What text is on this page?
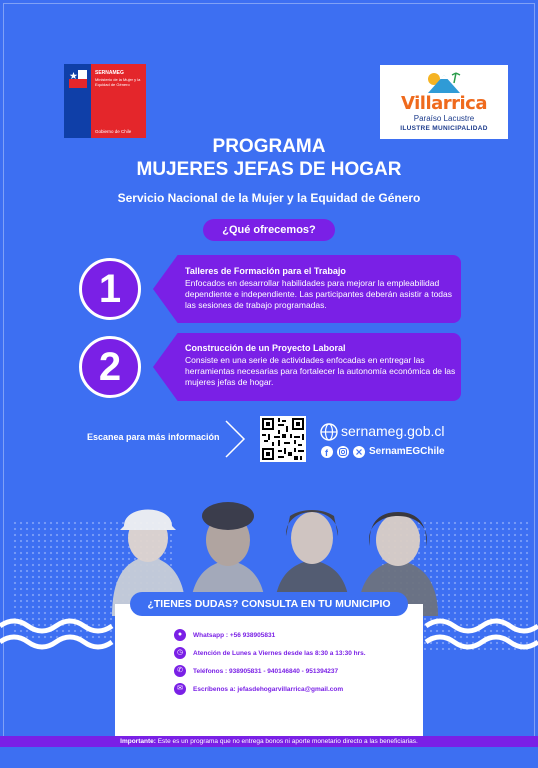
SERNAMEG
Ministerio de la Mujer y la Equidad de Género
Gobierno de Chile
Villarrica
Paraíso Lacustre
ILUSTRE MUNICIPALIDAD
PROGRAMA
MUJERES JEFAS DE HOGAR
Servicio Nacional de la Mujer y la Equidad de Género
¿Qué ofrecemos?
1	Talleres de Formación para el Trabajo
Enfocados en desarrollar habilidades para mejorar la empleabilidad dependiente e independiente. Las participantes deberán asistir a todas las sesiones de trabajo programadas.
2	Construcción de un Proyecto Laboral
Consiste en una serie de actividades enfocadas en entregar las herramientas necesarias para fortalecer la autonomía económica de las mujeres jefas de hogar.
Escanea para más información	sernameg.gob.cl
f	SernamEGChile
¿TIENES DUDAS? CONSULTA EN TU MUNICIPIO
●	Whatsapp : +56 938905831
◷	Atención de Lunes a Viernes desde las 8:30 a 13:30 hrs.
✆	Teléfonos : 938905831 - 940146840 - 951394237
✉	Escríbenos a: jefasdehogarvillarrica@gmail.com
Importante: Este es un programa que no entrega bonos ni aporte monetario directo a las beneficiarias.
